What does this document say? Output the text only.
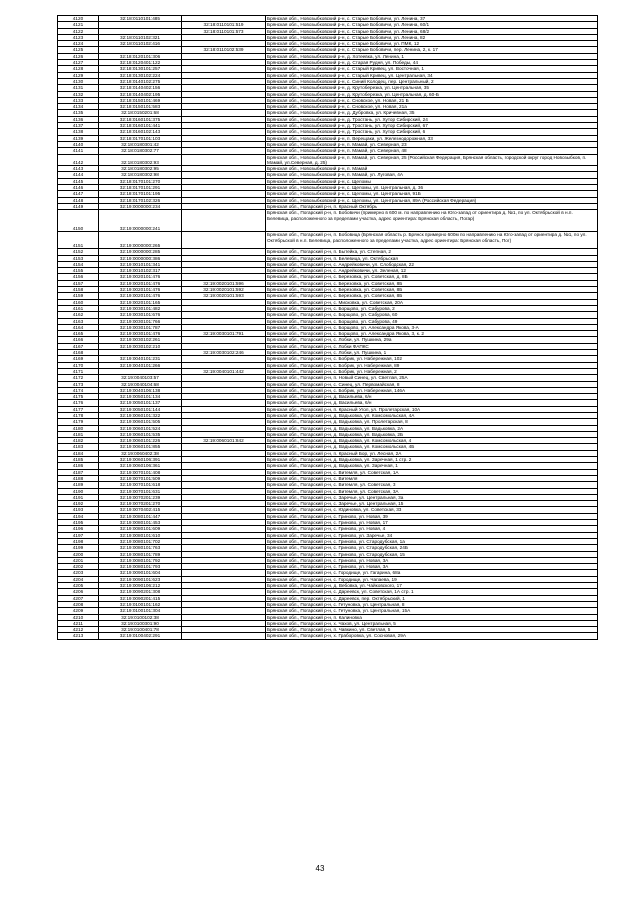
4120	32:18:0110101:485		Брянская обл., Новозыбковский р-н, с. Старые Бобовичи, ул. Ленина, 37
4121		32:18:0110101:519	Брянская обл., Новозыбковский р-н, с. Старые Бобовичи, ул. Ленина, 60/1
4122		32:18:0110101:573	Брянская обл., Новозыбковский р-н, с. Старые Бобовичи, ул. Ленина, 68/2
4123	32:18:0110102:321		Брянская обл., Новозыбковский р-н, с. Старые Бобовичи, ул. Ленина, 82
4124	32:18:0110102:416		Брянская обл., Новозыбковский р-н, с. Старые Бобовичи, ул. ПМК, 12
4125		32:18:0110102:539	Брянская обл., Новозыбковский р-н, с. Старые Бобовичи, пер. Ленина, 2, к. 17
4126	32:18:0120101:306		Брянская обл., Новозыбковский р-н, д. Хотеевка, ул. Ленина, 1
4127	32:18:0120401:122		Брянская обл., Новозыбковский р-н, д. Старая Рудня, ул. Победы, 44
4128	32:18:0130101:257		Брянская обл., Новозыбковский р-н, с. Старый Кривец, ул. Восточная, 1
4129	32:18:0130102:224		Брянская обл., Новозыбковский р-н, с. Старый Кривец, ул. Центральная, 34
4130	32:18:0140102:275		Брянская обл., Новозыбковский р-н, с. Синий Колодец, пер. Центральный, 2
4131	32:18:0140402:156		Брянская обл., Новозыбковский р-н, д. Крутоберезка, ул. Центральная, 35
4132	32:18:0140402:195		Брянская обл., Новозыбковский р-н, д. Крутоберезка, ул. Центральная, д. 60-Б
4133	32:18:0150101:469		Брянская обл., Новозыбковский р-н, с. Сновское, ул. Новая, 21 Б
4134	32:18:0150101:583		Брянская обл., Новозыбковский р-н, с. Сновское, ул. Новая, 21а
4135	32:18:0150201:68		Брянская обл., Новозыбковский р-н, д. Дубровка, ул. Кричевная, 35
4136	32:18:0160101:375		Брянская обл., Новозыбковский р-н, д. Тростань, ул. Хутор Сибирский, 24
4137	32:18:0160101:441		Брянская обл., Новозыбковский р-н, д. Тростань, ул. Хутор Сибирский, 67
4138	32:18:0160102:143		Брянская обл., Новозыбковский р-н, д. Тростань, ул. Хутор Сибирский, 6
4139	32:18:0170101:103		Брянская обл., Новозыбковский р-н, п. Верещаки, ул. Железнодорожная, 33
4140	32:18:0180301:42		Брянская обл., Новозыбковский р-н, п. Мамай, ул. Северная, 23
4141	32:18:0180302:77		Брянская обл., Новозыбковский р-н, п. Мамай, ул. Северная, 48
4142	32:18:0180302:93		Брянская обл., Новозыбковский р-н, п. Мамай, ул. Северная, 25 (Российская Федерация, Брянская область, городской округ город Новозыбков, п. Мамай, ул.Северная, д. 25)
4143	32:18:0180302:95		Брянская обл., Новозыбковский р-н, п. Мамай
4144	32:18:0180302:98		Брянская обл., Новозыбковский р-н, п. Мамай, ул. Луговая, 4А
4145	32:18:0170101:270		Брянская обл., Новозыбковский р-н, с. Щеломы
4146	32:18:0170101:291		Брянская обл., Новозыбковский р-н, с. Щеломы, ул. Центральная, д. 36
4147	32:18:0170101:195		Брянская обл., Новозыбковский р-н, с. Щеломы, ул. Центральная, 91Б
4148	32:18:0170102:326		Брянская обл., Новозыбковский р-н, с. Щеломы, ул. Центральная, 89А (Российская Федерация)
4149	32:19:0000000:234		Брянская обл., Погарский р-н, п. Красный Октябрь
4150	32:19:0000000:241		Брянская обл., Погарский р-н, п. Бобовичи (примерно в 600 м. по направлению на Юго-запад от ориентира д. №1, по ул. Октябрьской в н.п. Белевица, расположенного за пределами участка, адрес ориентира: Брянская область, Погар)
4151	32:19:0000000:265		Брянская обл., Погарский р-н, п. Бобовица (Брянская область р. Брянск примерно 600м по направлению на Юго-запад от ориентира д. №1, по ул. Октябрьской в н.п. Белевица, расположенного за пределами участка, адрес ориентира: Брянская область, Пог)
4152	32:19:0000000:285		Брянская обл., Погарский р-н, п. Бытейка, ул. Степная, 2
4153	32:19:0000000:386		Брянская обл., Погарский р-н, п. Белевица, ул. Октябрьская
4154	32:19:0010101:341		Брянская обл., Погарский р-н, с. Андрейковичи, ул. Слободская, 22
4155	32:19:0010102:317		Брянская обл., Погарский р-н, с. Андрейковичи, ул. Зеленая, 12
4156	32:19:0020101:476		Брянская обл., Погарский р-н, с. Березовка, ул. Советская, д. 8Б
4157	32:19:0020101:476	32:19:0020101:596	Брянская обл., Погарский р-н, с. Березовка, ул. Советская, 8Б
4158	32:19:0020101:476	32:19:0020101:592	Брянская обл., Погарский р-н, с. Березовка, ул. Советская, 8Б
4159	32:19:0020101:476	32:19:0020101:593	Брянская обл., Погарский р-н, с. Березовка, ул. Советская, 8Б
4160	32:19:0020101:165		Брянская обл., Погарский р-н, с. Мисковка, ул. Советская, 20А
4161	32:19:0030101:482		Брянская обл., Погарский р-н, с. Борщово, ул. Сабурова, 2
4162	32:19:0030101:676		Брянская обл., Погарский р-н, с. Борщово, ул. Сабурова, 60
4163	32:19:0030101:766		Брянская обл., Погарский р-н, с. Борщово, ул. Сабурова, 49
4164	32:19:0030101:787		Брянская обл., Погарский р-н, с. Борщово, ул. Александра Якова, 3-А
4165	32:19:0030101:476	32:19:0030101:791	Брянская обл., Погарский р-н, с. Борщово, ул. Александра Якова, 3, к. 2
4166	32:19:0030102:261		Брянская обл., Погарский р-н, с. Лобки, ул. Пушкина, 29а
4167	32:19:0030102:210		Брянская обл., Погарский р-н, с. Лобки ФАПКС
4168		32:19:0030102:246	Брянская обл., Погарский р-н, с. Лобки, ул. Пушкина, 1
4169	32:19:0040101:231		Брянская обл., Погарский р-н, с. Бобрик, ул. Набережная, 102
4170	32:19:0040101:266		Брянская обл., Погарский р-н, с. Бобрик, ул. Набережная, 89
4171		32:19:0040101:442	Брянская обл., Погарский р-н, с. Бобрик, ул. Набережная, 2
4172	32:19:0040103:57		Брянская обл., Погарский р-н, п. Новый Синец, ул. Светлая, 25А
4173	32:19:0040104:68		Брянская обл., Погарский р-н, с. Синец, ул. Первомайская, 8
4174	32:19:0040106:138		Брянская обл., Погарский р-н, с. Бобрик, ул. Набережная, 146А
4175	32:19:0050101:134		Брянская обл., Погарский р-н, д. Васильева, 6/н
4176	32:19:0050101:137		Брянская обл., Погарский р-н, д. Васильева, 6/н
4177	32:19:0050101:144		Брянская обл., Погарский р-н, п. Красный Угол, ул. Пролетарская, 10А
4178	32:19:0060101:322		Брянская обл., Погарский р-н, д. Вадьковка, ул. Комсомольская, 4А
4179	32:19:0060101:505		Брянская обл., Погарский р-н, д. Вадьковка, ул. Пролетарская, 8
4180	32:19:0060101:524		Брянская обл., Погарский р-н, д. Вадьковка, ул. Вадьковка, 2А
4181	32:19:0060101:535		Брянская обл., Погарский р-н, д. Вадьковка, ул. Вадьковка, 2Б
4182	32:19:0060101:226	32:19:0060101:842	Брянская обл., Погарский р-н, д. Вадьковка, ул. Комсомольская, 4
4183	32:19:0060101:855		Брянская обл., Погарский р-н, д. Вадьковка, ул. Комсомольская, 4Б
4184	32:19:0060402:38		Брянская обл., Погарский р-н, п. Красный Бор, ул. Лесная, 2А
4185	32:19:0060106:391		Брянская обл., Погарский р-н, д. Вадьковка, ул. Заречная, 1 стр. 2
4186	32:19:0060106:361		Брянская обл., Погарский р-н, д. Вадьковка, ул. Заречная, 1
4187	32:19:0070101:408		Брянская обл., Погарский р-н, с. Витемля, ул. Советская, 1А
4188	32:19:0070101:509		Брянская обл., Погарский р-н, с. Витемля
4189	32:19:0070101:618		Брянская обл., Погарский р-н, с. Витемля, ул. Советская, 3
4190	32:19:0070101:631		Брянская обл., Погарский р-н, с. Витемля, ул. Советская, 3А
4191	32:19:0070201:239		Брянская обл., Погарский р-н, с. Заречье, ул. Центральная, 3а
4192	32:19:0070201:270		Брянская обл., Погарский р-н, с. Заречье, ул. Центральная, 15
4193	32:19:0070402:415		Брянская обл., Погарский р-н, с. Юдиновка, ул. Советская, 33
4194	32:19:0080101:447		Брянская обл., Погарский р-н, с. Гриново, ул. Новая, 39
4195	32:19:0080101:453		Брянская обл., Погарский р-н, с. Гриново, ул. Новая, 17
4196	32:19:0080101:609		Брянская обл., Погарский р-н, с. Гриново, ул. Новая, 4
4197	32:19:0080101:610		Брянская обл., Погарский р-н, с. Гриново, ул. Заречье, 34
4198	32:19:0080101:702		Брянская обл., Погарский р-н, с. Гриново, ул. Стародубская, 1а
4199	32:19:0080101:763		Брянская обл., Погарский р-н, с. Гриново, ул. Стародубская, 24Б
4200	32:19:0080101:789		Брянская обл., Погарский р-н, с. Гриново, ул. Стародубская, 15
4201	32:19:0080101:792		Брянская обл., Погарский р-н, с. Гриново, ул. Новая, 3А
4202	32:19:0080101:793		Брянская обл., Погарский р-н, с. Гриново, ул. Новая, 3А
4203	32:19:0090101:604		Брянская обл., Погарский р-н, с. Городище, ул. Гагарина, 68а
4204	32:19:0090101:623		Брянская обл., Погарский р-н, с. Городище, ул. Чапаева, 19
4205	32:19:0090106:212		Брянская обл., Погарский р-н, д. Вебовка, ул. Чайковского, 17
4206	32:19:0090201:308		Брянская обл., Погарский р-н, с. Дареевск, ул. Советская, 1А стр. 1
4207	32:19:0090201:415		Брянская обл., Погарский р-н, с. Дареевск, пер. Октябрьский, 1
4208	32:19:0100101:162		Брянская обл., Погарский р-н, с. Гетуновка, ул. Центральная, 8
4209	32:19:0100101:304		Брянская обл., Погарский р-н, с. Гетуновка, ул. Центральная, 15А
4210	32:19:0100102:38		Брянская обл., Погарский р-н, п. Калиновка
4211	32:19:0100301:90		Брянская обл., Погарский р-н, х. Чахов, ул. Центральная, 5
4212	32:19:0100401:78		Брянская обл., Погарский р-н, п. Чавкино, ул. Светлая, 5
4213	32:19:0100402:291		Брянская обл., Погарский р-н, х. Граборовка, ул. Сосновая, 29А
43
